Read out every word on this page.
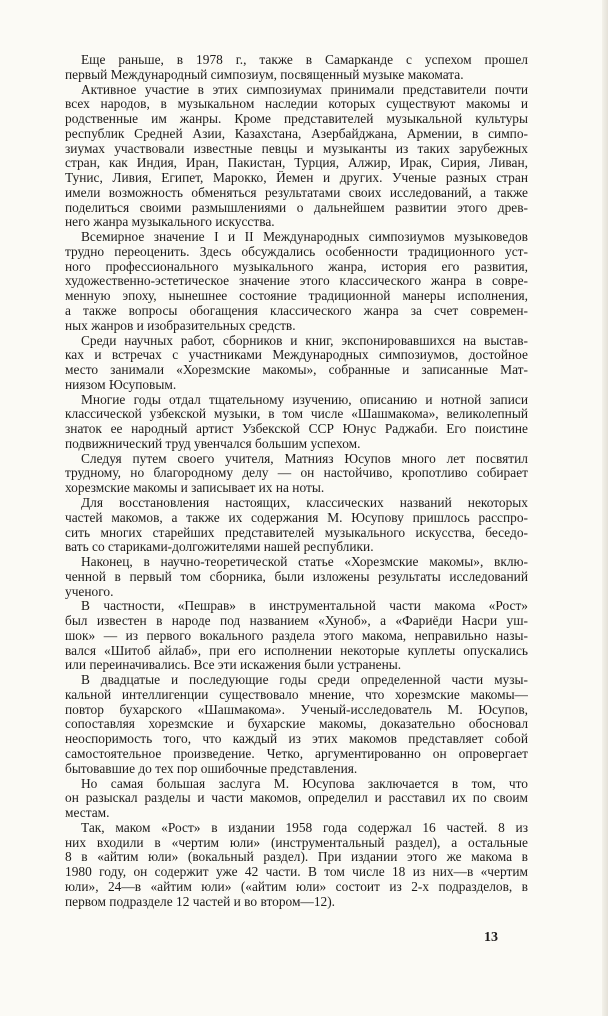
Еще раньше, в 1978 г., также в Самарканде с успехом прошел
первый Международный симпозиум, посвященный музыке макомата.
Активное участие в этих симпозиумах принимали представители почти
всех народов, в музыкальном наследии которых существуют макомы и
родственные им жанры. Кроме представителей музыкальной культуры
республик Средней Азии, Казахстана, Азербайджана, Армении, в симпо-
зиумах участвовали известные певцы и музыканты из таких зарубежных
стран, как Индия, Иран, Пакистан, Турция, Алжир, Ирак, Сирия, Ливан,
Тунис, Ливия, Египет, Марокко, Йемен и других. Ученые разных стран
имели возможность обменяться результатами своих исследований, а также
поделиться своими размышлениями о дальнейшем развитии этого древ-
него жанра музыкального искусства.
Всемирное значение I и II Международных симпозиумов музыковедов
трудно переоценить. Здесь обсуждались особенности традиционного уст-
ного профессионального музыкального жанра, история его развития,
художественно-эстетическое значение этого классического жанра в совре-
менную эпоху, нынешнее состояние традиционной манеры исполнения,
а также вопросы обогащения классического жанра за счет современ-
ных жанров и изобразительных средств.
Среди научных работ, сборников и книг, экспонировавшихся на выстав-
ках и встречах с участниками Международных симпозиумов, достойное
место занимали «Хорезмские макомы», собранные и записанные Мат-
ниязом Юсуповым.
Многие годы отдал тщательному изучению, описанию и нотной записи
классической узбекской музыки, в том числе «Шашмакома», великолепный
знаток ее народный артист Узбекской ССР Юнус Раджаби. Его поистине
подвижнический труд увенчался большим успехом.
Следуя путем своего учителя, Матнияз Юсупов много лет посвятил
трудному, но благородному делу — он настойчиво, кропотливо собирает
хорезмские макомы и записывает их на ноты.
Для восстановления настоящих, классических названий некоторых
частей макомов, а также их содержания М. Юсупову пришлось расспро-
сить многих старейших представителей музыкального искусства, беседо-
вать со стариками-долгожителями нашей республики.
Наконец, в научно-теоретической статье «Хорезмские макомы», вклю-
ченной в первый том сборника, были изложены результаты исследований
ученого.
В частности, «Пешрав» в инструментальной части макома «Рост»
был известен в народе под названием «Хуноб», а «Фариёди Насри уш-
шок» — из первого вокального раздела этого макома, неправильно назы-
вался «Шитоб айлаб», при его исполнении некоторые куплеты опускались
или переиначивались. Все эти искажения были устранены.
В двадцатые и последующие годы среди определенной части музы-
кальной интеллигенции существовало мнение, что хорезмские макомы—
повтор бухарского «Шашмакома». Ученый-исследователь М. Юсупов,
сопоставляя хорезмские и бухарские макомы, доказательно обосновал
неоспоримость того, что каждый из этих макомов представляет собой
самостоятельное произведение. Четко, аргументированно он опровергает
бытовавшие до тех пор ошибочные представления.
Но самая большая заслуга М. Юсупова заключается в том, что
он разыскал разделы и части макомов, определил и расставил их по своим
местам.
Так, маком «Рост» в издании 1958 года содержал 16 частей. 8 из
них входили в «чертим юли» (инструментальный раздел), а остальные
8 в «айтим юли» (вокальный раздел). При издании этого же макома в
1980 году, он содержит уже 42 части. В том числе 18 из них—в «чертим
юли», 24—в «айтим юли» («айтим юли» состоит из 2-х подразделов, в
первом подразделе 12 частей и во втором—12).
13
